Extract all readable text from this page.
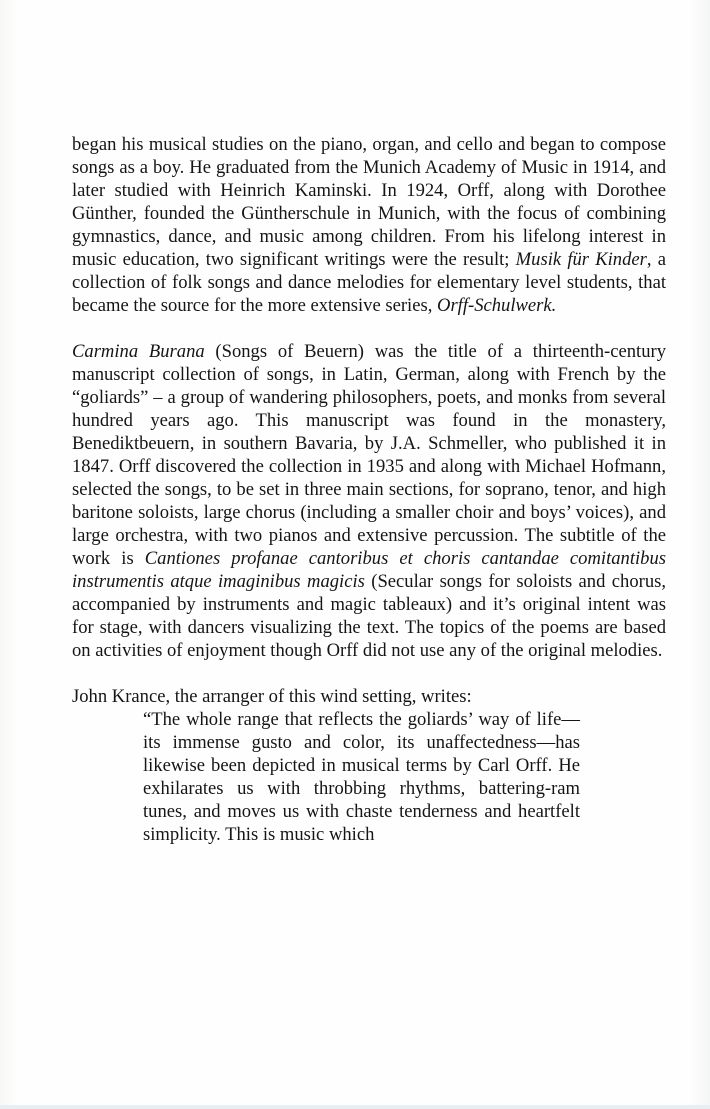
began his musical studies on the piano, organ, and cello and began to compose songs as a boy. He graduated from the Munich Academy of Music in 1914, and later studied with Heinrich Kaminski. In 1924, Orff, along with Dorothee Günther, founded the Güntherschule in Munich, with the focus of combining gymnastics, dance, and music among children. From his lifelong interest in music education, two significant writings were the result; Musik für Kinder, a collection of folk songs and dance melodies for elementary level students, that became the source for the more extensive series, Orff-Schulwerk.

Carmina Burana (Songs of Beuern) was the title of a thirteenth-century manuscript collection of songs, in Latin, German, along with French by the “goliards” – a group of wandering philosophers, poets, and monks from several hundred years ago. This manuscript was found in the monastery, Benediktbeuern, in southern Bavaria, by J.A. Schmeller, who published it in 1847. Orff discovered the collection in 1935 and along with Michael Hofmann, selected the songs, to be set in three main sections, for soprano, tenor, and high baritone soloists, large chorus (including a smaller choir and boys’ voices), and large orchestra, with two pianos and extensive percussion. The subtitle of the work is Cantiones profanae cantoribus et choris cantandae comitantibus instrumentis atque imaginibus magicis (Secular songs for soloists and chorus, accompanied by instruments and magic tableaux) and it’s original intent was for stage, with dancers visualizing the text. The topics of the poems are based on activities of enjoyment though Orff did not use any of the original melodies.

John Krance, the arranger of this wind setting, writes:

“The whole range that reflects the goliards’ way of life—its immense gusto and color, its unaffectedness—has likewise been depicted in musical terms by Carl Orff. He exhilarates us with throbbing rhythms, battering-ram tunes, and moves us with chaste tenderness and heartfelt simplicity. This is music which
